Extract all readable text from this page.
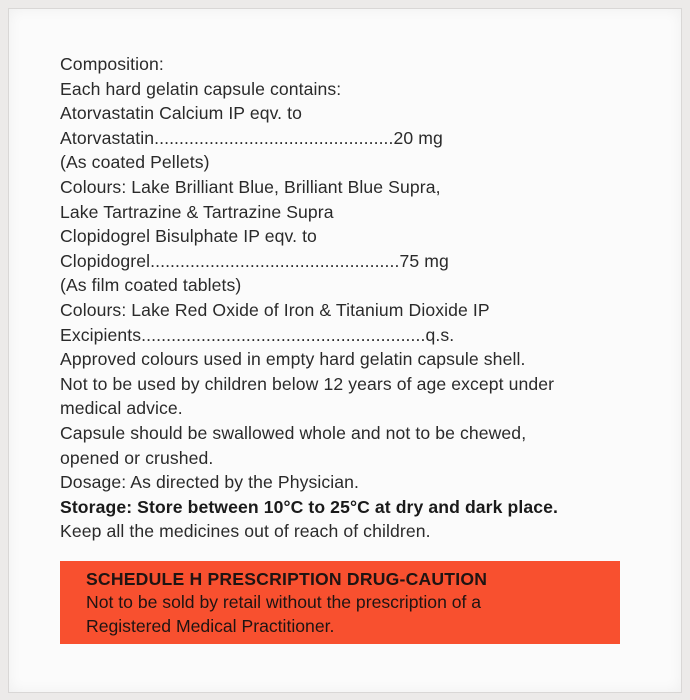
Composition:
Each hard gelatin capsule contains:
Atorvastatin Calcium IP eqv. to
Atorvastatin................................................20 mg
(As coated Pellets)
Colours: Lake Brilliant Blue, Brilliant Blue Supra,
Lake Tartrazine & Tartrazine Supra
Clopidogrel Bisulphate IP eqv. to
Clopidogrel..................................................75 mg
(As film coated tablets)
Colours: Lake Red Oxide of Iron & Titanium Dioxide IP
Excipients.........................................................q.s.
Approved colours used in empty hard gelatin capsule shell.
Not to be used by children below 12 years of age except under
medical advice.
Capsule should be swallowed whole and not to be chewed,
opened or crushed.
Dosage: As directed by the Physician.
Storage: Store between 10°C to 25°C at dry and dark place.
Keep all the medicines out of reach of children.
SCHEDULE H PRESCRIPTION DRUG-CAUTION
Not to be sold by retail without the prescription of a
Registered Medical Practitioner.
